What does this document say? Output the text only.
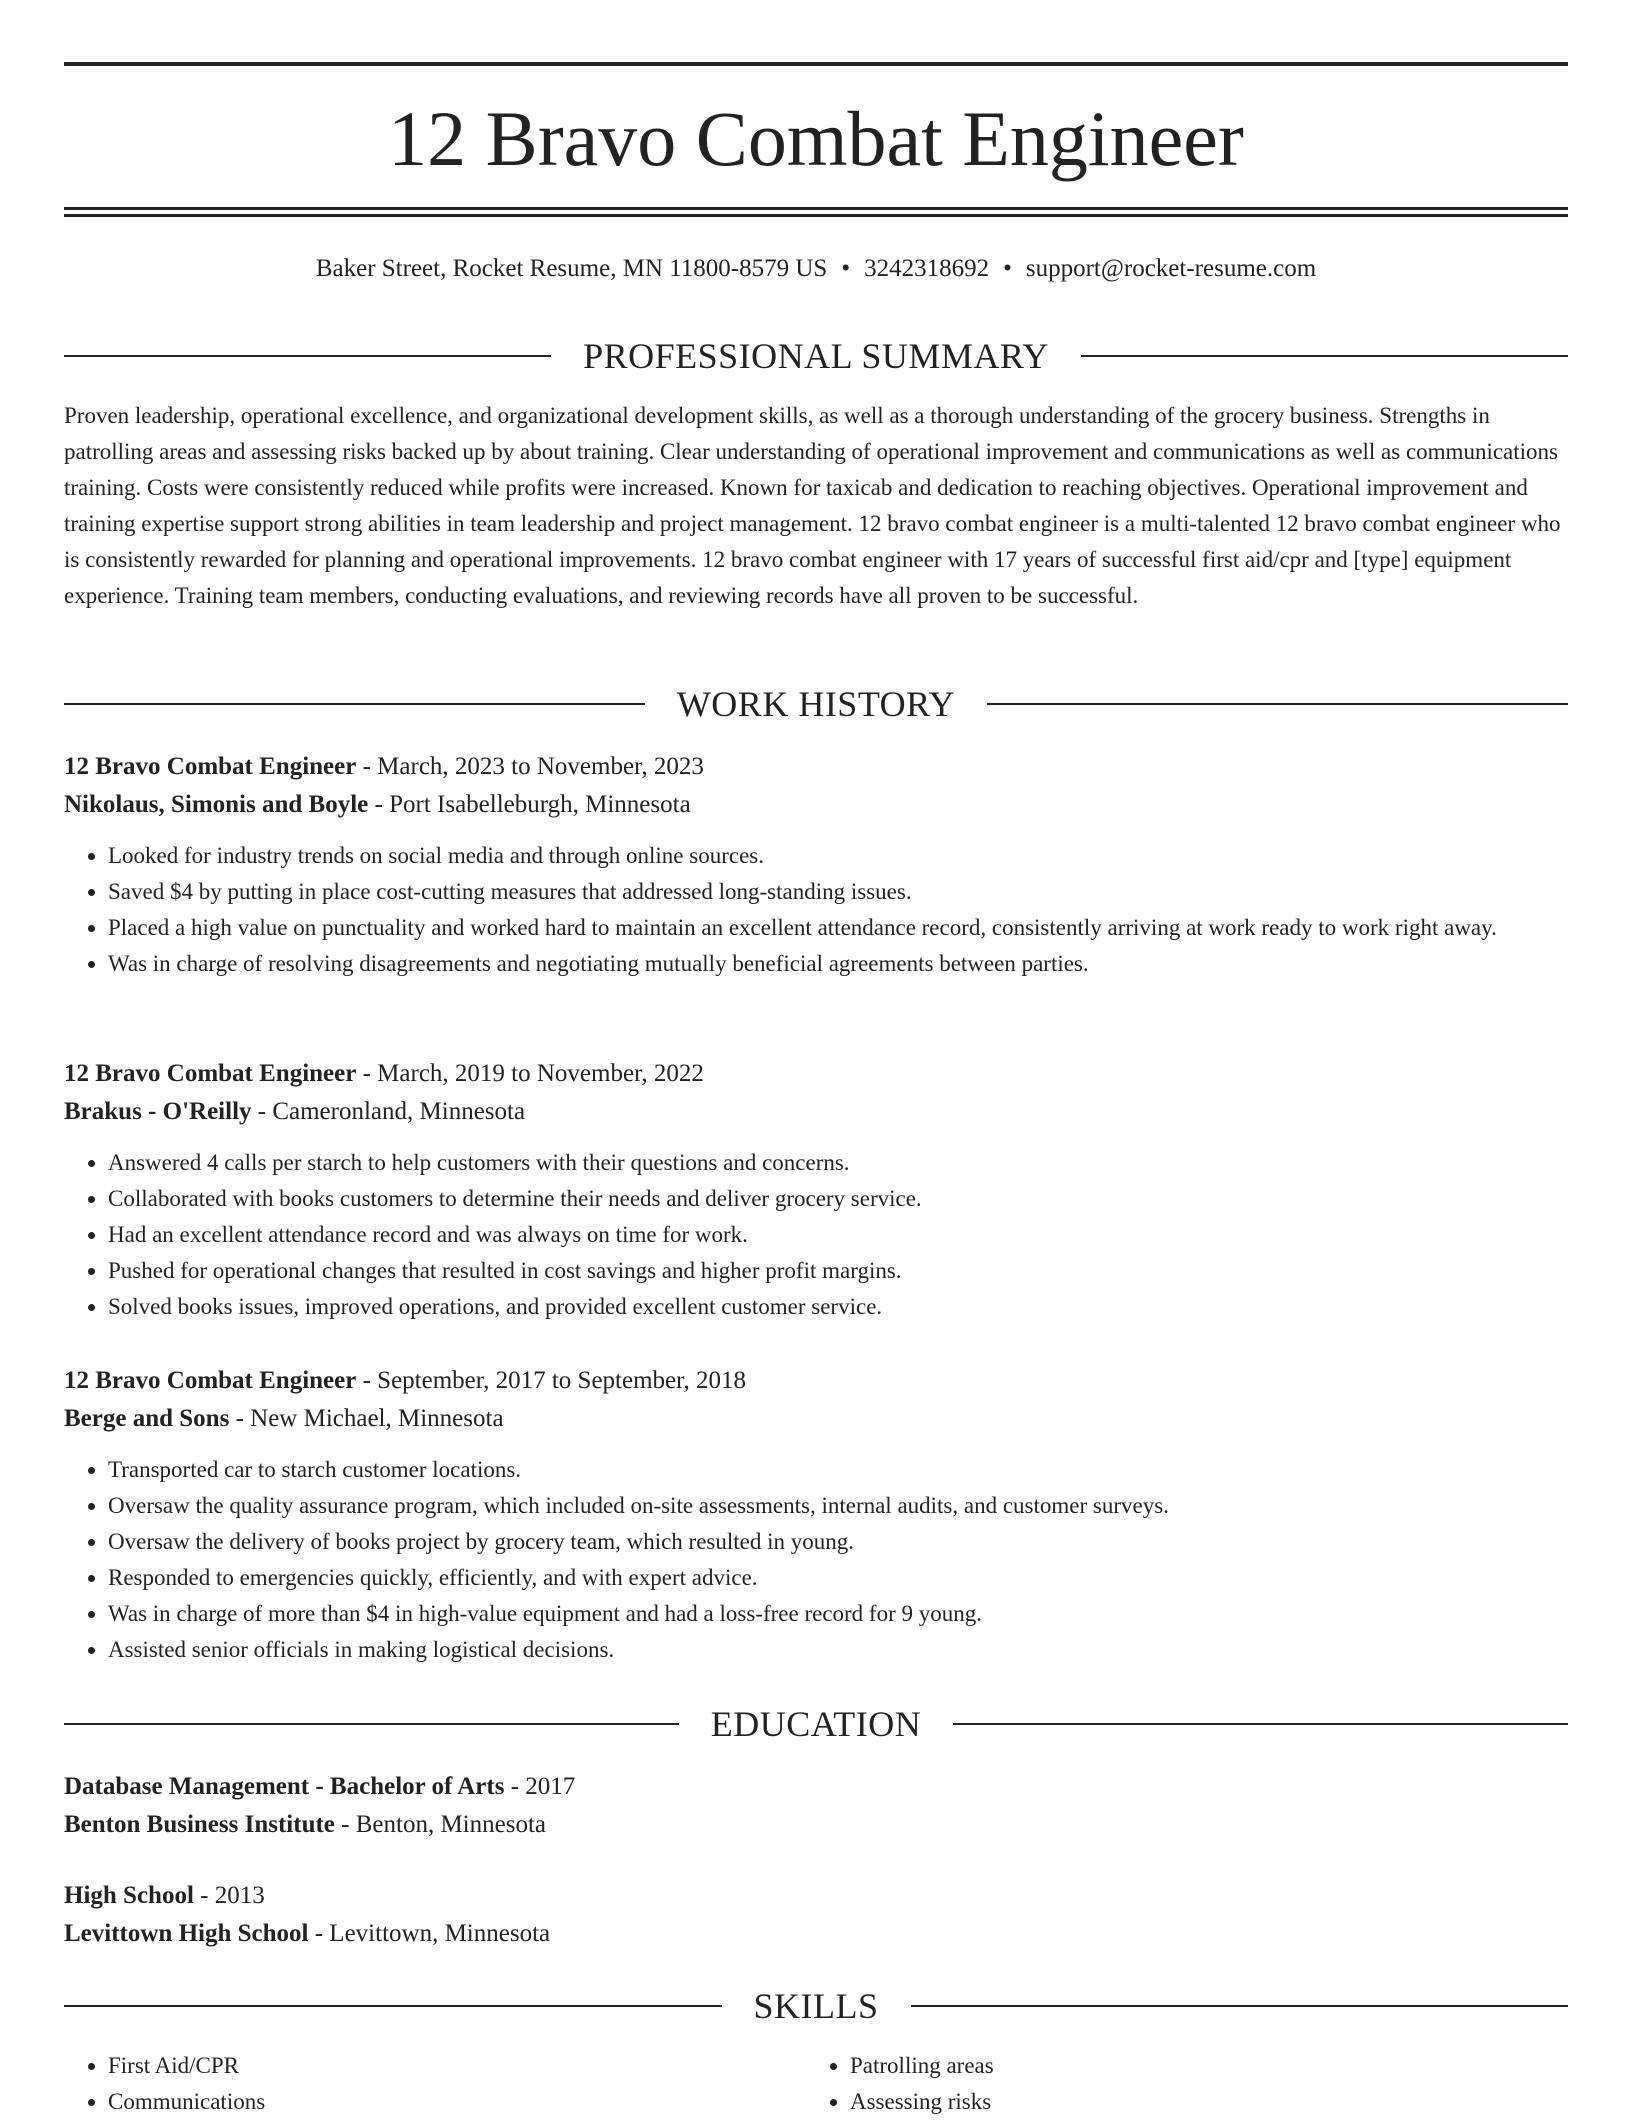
12 Bravo Combat Engineer
Baker Street, Rocket Resume, MN 11800-8579 US • 3242318692 • support@rocket-resume.com
PROFESSIONAL SUMMARY

Proven leadership, operational excellence, and organizational development skills, as well as a thorough understanding of the grocery business. Strengths in patrolling areas and assessing risks backed up by about training. Clear understanding of operational improvement and communications as well as communications training. Costs were consistently reduced while profits were increased. Known for taxicab and dedication to reaching objectives. Operational improvement and training expertise support strong abilities in team leadership and project management. 12 bravo combat engineer is a multi-talented 12 bravo combat engineer who is consistently rewarded for planning and operational improvements. 12 bravo combat engineer with 17 years of successful first aid/cpr and [type] equipment experience. Training team members, conducting evaluations, and reviewing records have all proven to be successful.

WORK HISTORY

12 Bravo Combat Engineer - March, 2023 to November, 2023

Nikolaus, Simonis and Boyle - Port Isabelleburgh, Minnesota

• Looked for industry trends on social media and through online sources.
• Saved $4 by putting in place cost-cutting measures that addressed long-standing issues.
• Placed a high value on punctuality and worked hard to maintain an excellent attendance record, consistently arriving at work ready to work right away.
• Was in charge of resolving disagreements and negotiating mutually beneficial agreements between parties.

12 Bravo Combat Engineer - March, 2019 to November, 2022

Brakus - O'Reilly - Cameronland, Minnesota

• Answered 4 calls per starch to help customers with their questions and concerns.
• Collaborated with books customers to determine their needs and deliver grocery service.
• Had an excellent attendance record and was always on time for work.
• Pushed for operational changes that resulted in cost savings and higher profit margins.
• Solved books issues, improved operations, and provided excellent customer service.

12 Bravo Combat Engineer - September, 2017 to September, 2018

Berge and Sons - New Michael, Minnesota

• Transported car to starch customer locations.
• Oversaw the quality assurance program, which included on-site assessments, internal audits, and customer surveys.
• Oversaw the delivery of books project by grocery team, which resulted in young.
• Responded to emergencies quickly, efficiently, and with expert advice.
• Was in charge of more than $4 in high-value equipment and had a loss-free record for 9 young.
• Assisted senior officials in making logistical decisions.
EDUCATION

Database Management - Bachelor of Arts - 2017

Benton Business Institute - Benton, Minnesota

High School - 2013

Levittown High School - Levittown, Minnesota

SKILLS
• First Aid/CPR
• Communications
• Patrolling areas
• Assessing risks
